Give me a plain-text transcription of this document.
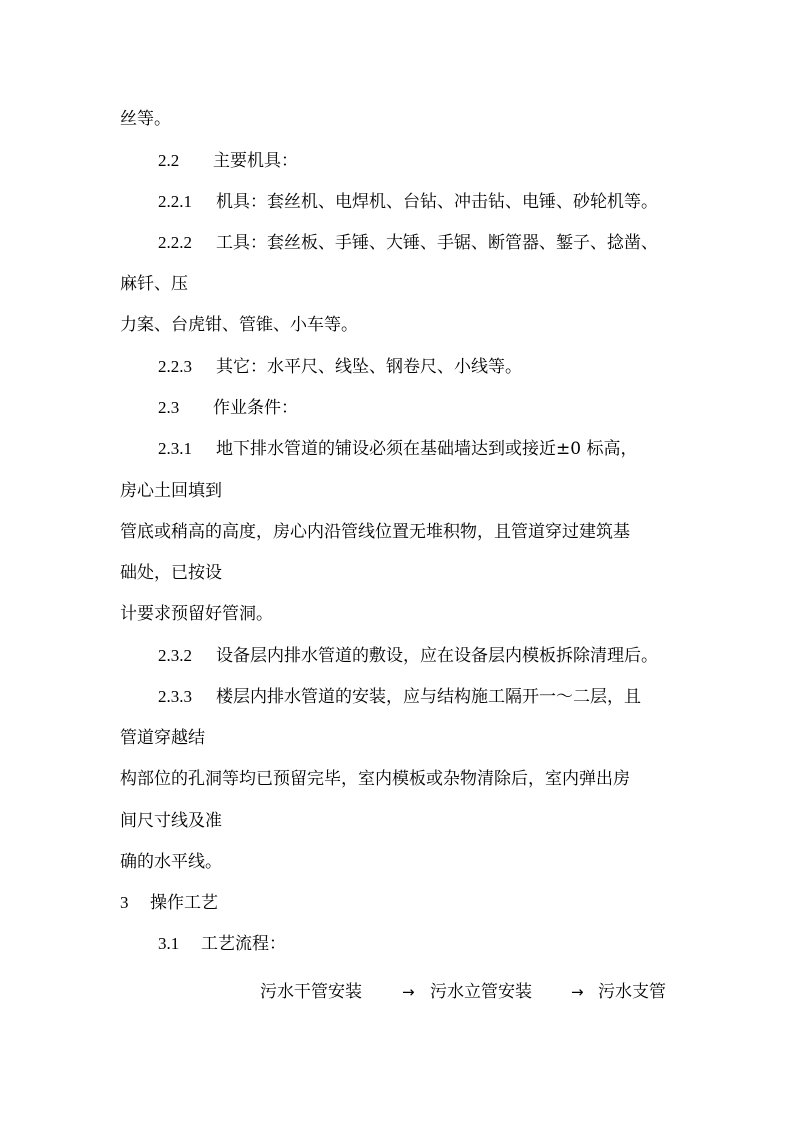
丝等。
2.2 主要机具：
2.2.1 机具：套丝机、电焊机、台钻、冲击钻、电锤、砂轮机等。
2.2.2 工具：套丝板、手锤、大锤、手锯、断管器、錾子、捻凿、
麻钎、压
力案、台虎钳、管锥、小车等。
2.2.3 其它：水平尺、线坠、钢卷尺、小线等。
2.3 作业条件：
2.3.1 地下排水管道的铺设必须在基础墙达到或接近±0 标高，
房心土回填到
管底或稍高的高度，房心内沿管线位置无堆积物，且管道穿过建筑基
础处，已按设
计要求预留好管洞。
2.3.2 设备层内排水管道的敷设，应在设备层内模板拆除清理后。
2.3.3 楼层内排水管道的安装，应与结构施工隔开一～二层，且
管道穿越结
构部位的孔洞等均已预留完毕，室内模板或杂物清除后，室内弹出房
间尺寸线及准
确的水平线。
3 操作工艺
3.1 工艺流程：
污水干管安装	→ 污水立管安装	→ 污水支管
